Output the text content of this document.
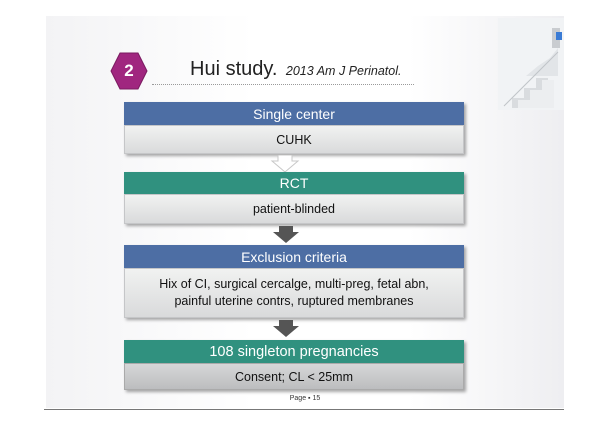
2	Hui study. 2013 Am J Perinatol.
Single center
CUHK
RCT
patient-blinded
Exclusion criteria
Hix of CI, surgical cercalge, multi-preg, fetal abn,
painful uterine contrs, ruptured membranes
108 singleton pregnancies
Consent; CL < 25mm
Page ▪ 15
